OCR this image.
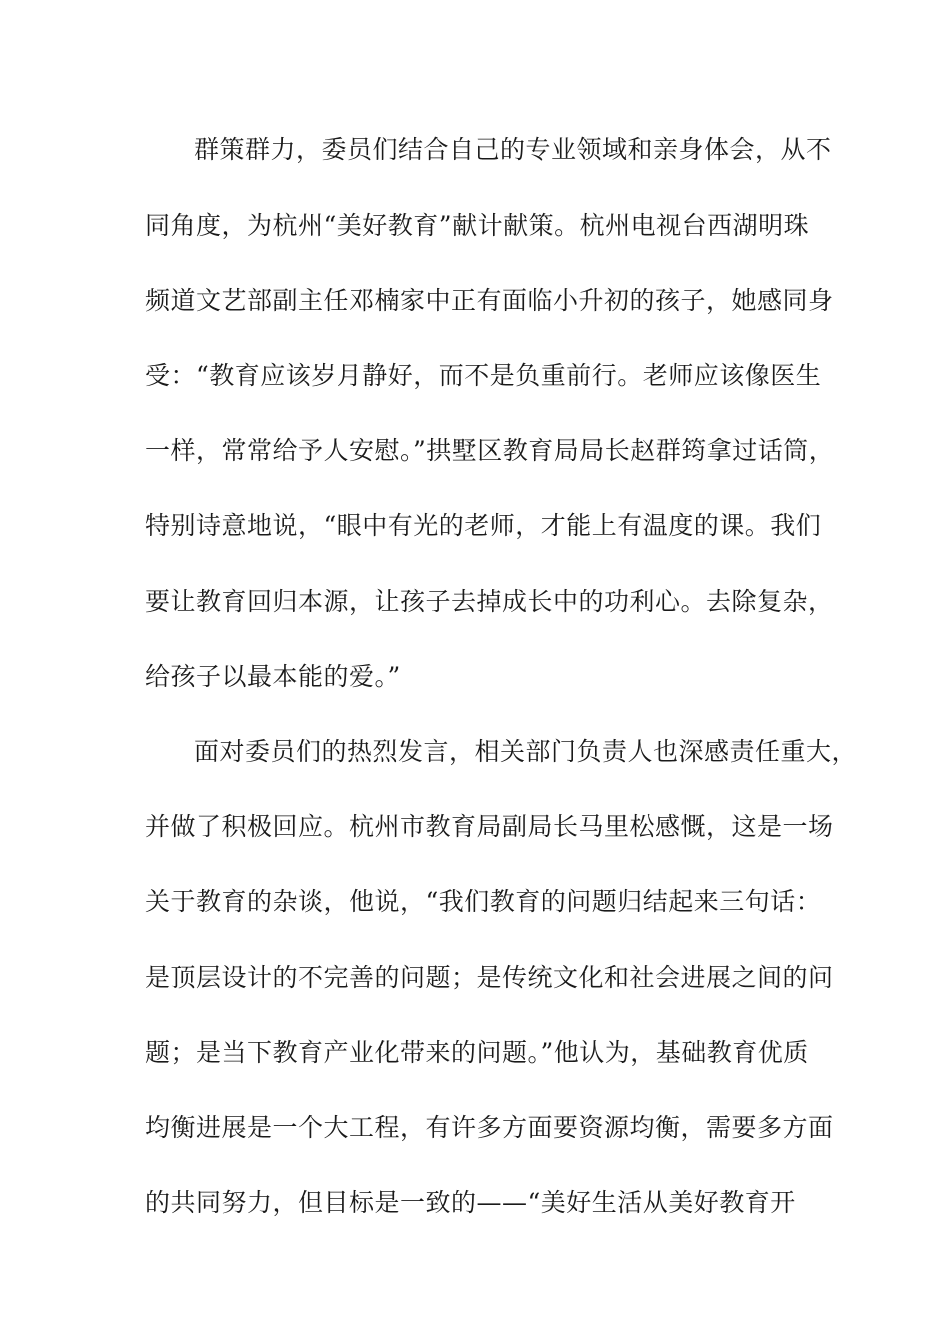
群策群力，委员们结合自己的专业领域和亲身体会，从不
同角度，为杭州“美好教育”献计献策。杭州电视台西湖明珠
频道文艺部副主任邓楠家中正有面临小升初的孩子，她感同身
受：“教育应该岁月静好，而不是负重前行。老师应该像医生
一样，常常给予人安慰。”拱墅区教育局局长赵群筠拿过话筒，
特别诗意地说，“眼中有光的老师，才能上有温度的课。我们
要让教育回归本源，让孩子去掉成长中的功利心。去除复杂，
给孩子以最本能的爱。”
面对委员们的热烈发言，相关部门负责人也深感责任重大，
并做了积极回应。杭州市教育局副局长马里松感慨，这是一场
关于教育的杂谈，他说，“我们教育的问题归结起来三句话：
是顶层设计的不完善的问题；是传统文化和社会进展之间的问
题；是当下教育产业化带来的问题。”他认为，基础教育优质
均衡进展是一个大工程，有许多方面要资源均衡，需要多方面
的共同努力，但目标是一致的——“美好生活从美好教育开
